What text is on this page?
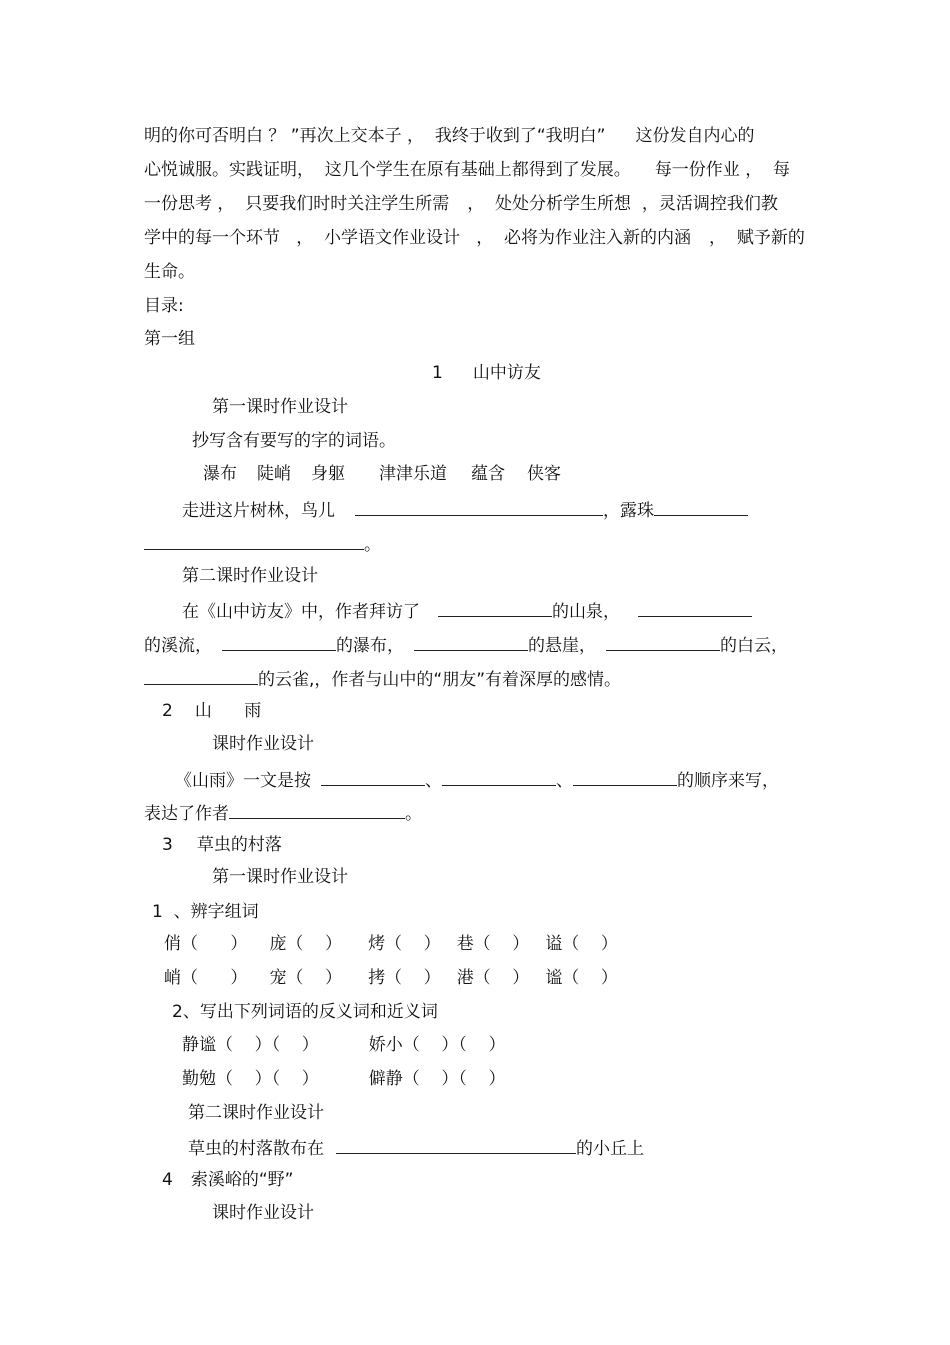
明的你可否明白 ？ ”再次上交本子 ，  我终于收到了“我明白” 这份发自内心的
心悦诚服。实践证明，  这几个学生在原有基础上都得到了发展。 每一份作业 ，  每
一份思考 ，  只要我们时时关注学生所需 ，  处处分析学生所想  ，灵活调控我们教
学中的每一个环节   ，  小学语文作业设计   ，  必将为作业注入新的内涵 ，  赋予新的
生命。
目录:
第一组
1 山中访友
第一课时作业设计
抄写含有要写的字的词语。
瀑布 陡峭 身躯 津津乐道 蕴含 侠客
走进这片树林，鸟儿	，露珠
。
第二课时作业设计
在《山中访友》中，作者拜访了	的山泉，
的溪流，	的瀑布，	的悬崖，	的白云，
的云雀,，作者与山中的“朋友”有着深厚的感情。
2 山      雨
课时作业设计
《山雨》一文是按	、	、	的顺序来写，
表达了作者	。
3 草虫的村落
第一课时作业设计
1  、辨字组词
俏（      ） 庞（    ） 烤（    ） 巷（    ） 谥（    ）
峭（      ） 宠（    ） 拷（    ） 港（    ） 谧（    ）
2、写出下列词语的反义词和近义词
静谧（    ）（    ）	娇小（    ）（    ）
勤勉（    ）（    ）	僻静（    ）（    ）
第二课时作业设计
草虫的村落散布在	的小丘上
4 索溪峪的“野”
课时作业设计
